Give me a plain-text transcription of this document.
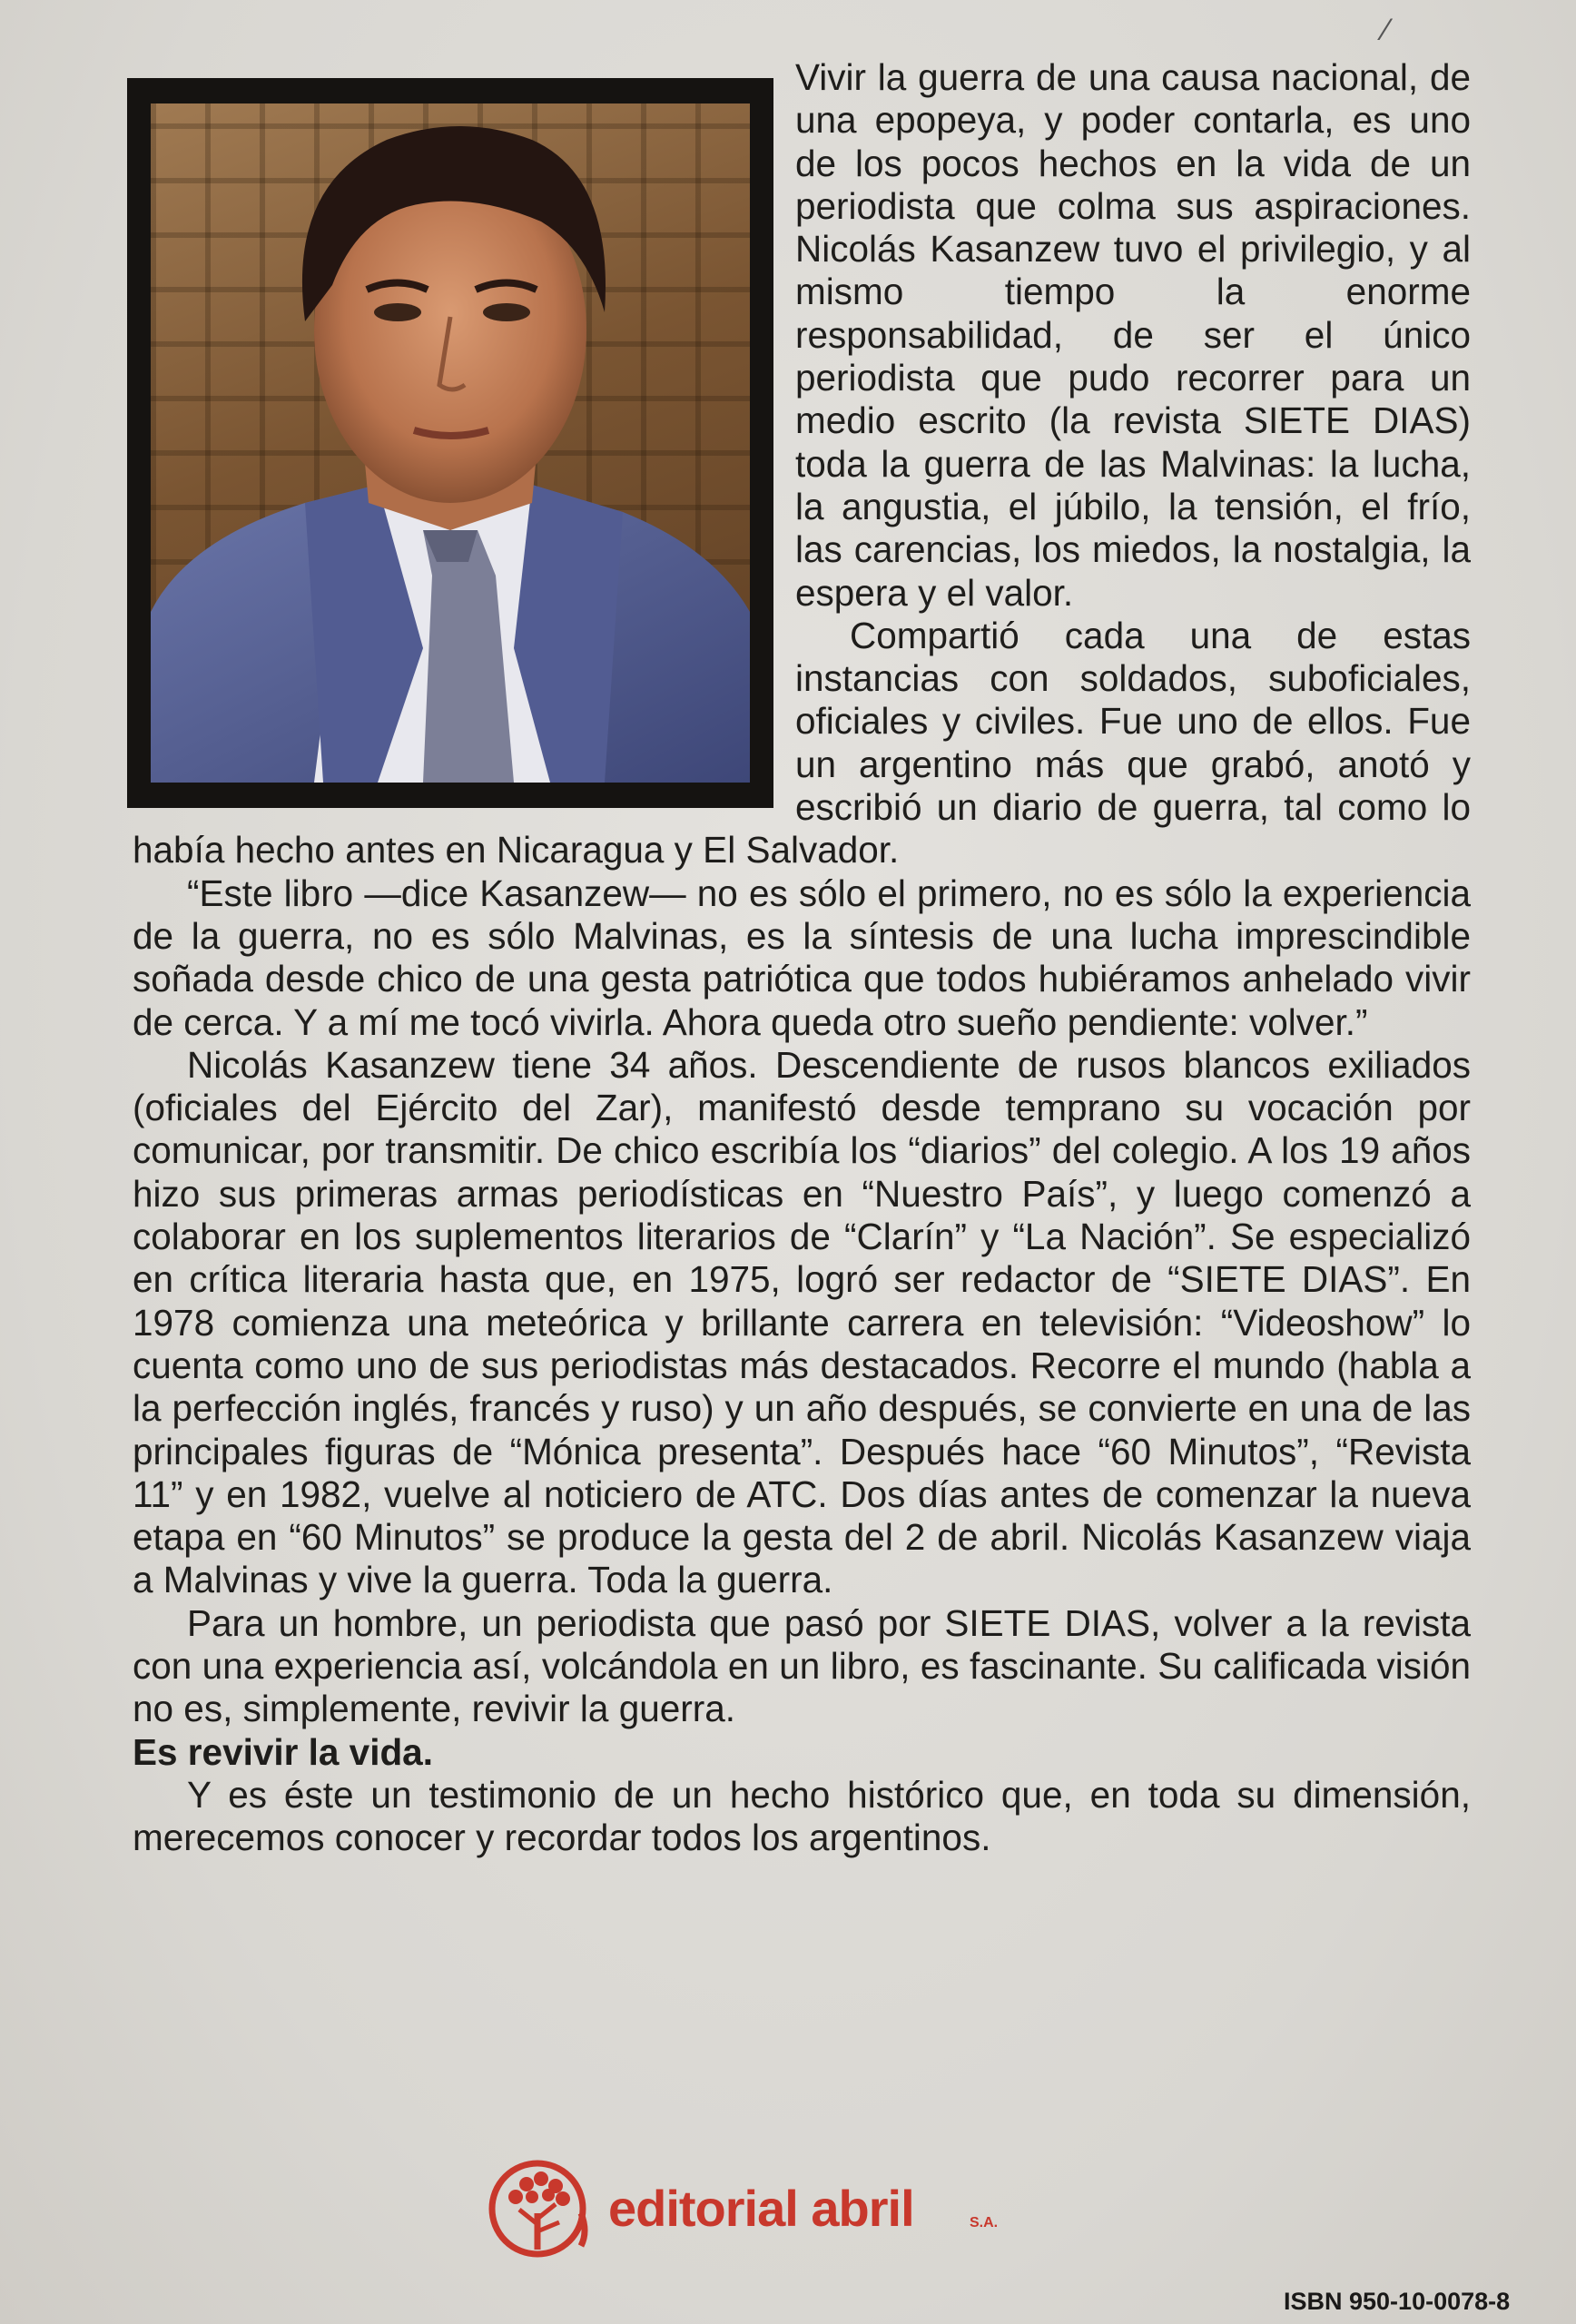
⁄

Vivir la guerra de una causa nacional, de una epopeya, y poder contarla, es uno de los pocos hechos en la vida de un periodista que colma sus aspiraciones. Nicolás Kasanzew tuvo el privilegio, y al mismo tiempo la enorme responsabilidad, de ser el único periodista que pudo recorrer para un medio escrito (la revista SIETE DIAS) toda la guerra de las Malvinas: la lucha, la angustia, el júbilo, la tensión, el frío, las carencias, los miedos, la nostalgia, la espera y el valor.

Compartió cada una de estas instancias con soldados, suboficiales, oficiales y civiles. Fue uno de ellos. Fue un argentino más que grabó, anotó y escribió un diario de guerra, tal como lo había hecho antes en Nicaragua y El Salvador.

“Este libro —dice Kasanzew— no es sólo el primero, no es sólo la experiencia de la guerra, no es sólo Malvinas, es la síntesis de una lucha imprescindible soñada desde chico de una gesta patriótica que todos hubiéramos anhelado vivir de cerca. Y a mí me tocó vivirla. Ahora queda otro sueño pendiente: volver.”

Nicolás Kasanzew tiene 34 años. Descendiente de rusos blancos exiliados (oficiales del Ejército del Zar), manifestó desde temprano su vocación por comunicar, por transmitir. De chico escribía los “diarios” del colegio. A los 19 años hizo sus primeras armas periodísticas en “Nuestro País”, y luego comenzó a colaborar en los suplementos literarios de “Clarín” y “La Nación”. Se especializó en crítica literaria hasta que, en 1975, logró ser redactor de “SIETE DIAS”. En 1978 comienza una meteórica y brillante carrera en televisión: “Videoshow” lo cuenta como uno de sus periodistas más destacados. Recorre el mundo (habla a la perfección inglés, francés y ruso) y un año después, se convierte en una de las principales figuras de “Mónica presenta”. Después hace “60 Minutos”, “Revista 11” y en 1982, vuelve al noticiero de ATC. Dos días antes de comenzar la nueva etapa en “60 Minutos” se produce la gesta del 2 de abril. Nicolás Kasanzew viaja a Malvinas y vive la guerra. Toda la guerra.

Para un hombre, un periodista que pasó por SIETE DIAS, volver a la revista con una experiencia así, volcándola en un libro, es fascinante. Su calificada visión no es, simplemente, revivir la guerra.

Es revivir la vida.

Y es éste un testimonio de un hecho histórico que, en toda su dimensión, merecemos conocer y recordar todos los argentinos.

editorial abril	S.A.
ISBN 950-10-0078-8
